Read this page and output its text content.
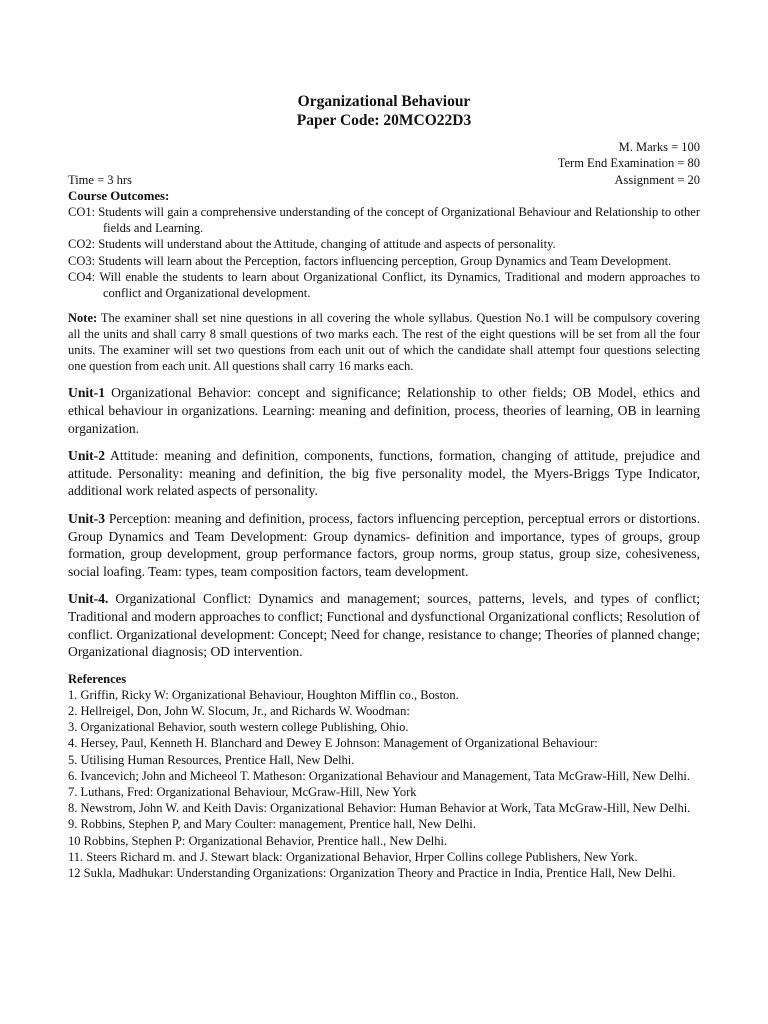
Organizational Behaviour
Paper Code: 20MCO22D3
M. Marks = 100
Term End Examination = 80
Time = 3 hrs	Assignment = 20
Course Outcomes:
CO1: Students will gain a comprehensive understanding of the concept of Organizational Behaviour and Relationship to other fields and Learning.
CO2: Students will understand about the Attitude, changing of attitude and aspects of personality.
CO3: Students will learn about the Perception, factors influencing perception, Group Dynamics and Team Development.
CO4: Will enable the students to learn about Organizational Conflict, its Dynamics, Traditional and modern approaches to conflict and Organizational development.
Note: The examiner shall set nine questions in all covering the whole syllabus. Question No.1 will be compulsory covering all the units and shall carry 8 small questions of two marks each. The rest of the eight questions will be set from all the four units. The examiner will set two questions from each unit out of which the candidate shall attempt four questions selecting one question from each unit. All questions shall carry 16 marks each.
Unit-1 Organizational Behavior: concept and significance; Relationship to other fields; OB Model, ethics and ethical behaviour in organizations. Learning: meaning and definition, process, theories of learning, OB in learning organization.
Unit-2 Attitude: meaning and definition, components, functions, formation, changing of attitude, prejudice and attitude. Personality: meaning and definition, the big five personality model, the Myers-Briggs Type Indicator, additional work related aspects of personality.
Unit-3 Perception: meaning and definition, process, factors influencing perception, perceptual errors or distortions. Group Dynamics and Team Development: Group dynamics- definition and importance, types of groups, group formation, group development, group performance factors, group norms, group status, group size, cohesiveness, social loafing. Team: types, team composition factors, team development.
Unit-4. Organizational Conflict: Dynamics and management; sources, patterns, levels, and types of conflict; Traditional and modern approaches to conflict; Functional and dysfunctional Organizational conflicts; Resolution of conflict. Organizational development: Concept; Need for change, resistance to change; Theories of planned change; Organizational diagnosis; OD intervention.
References
1. Griffin, Ricky W: Organizational Behaviour, Houghton Mifflin co., Boston.
2. Hellreigel, Don, John W. Slocum, Jr., and Richards W. Woodman:
3. Organizational Behavior, south western college Publishing, Ohio.
4. Hersey, Paul, Kenneth H. Blanchard and Dewey E Johnson: Management of Organizational Behaviour:
5. Utilising Human Resources, Prentice Hall, New Delhi.
6. Ivancevich; John and Micheeol T. Matheson: Organizational Behaviour and Management, Tata McGraw-Hill, New Delhi.
7. Luthans, Fred: Organizational Behaviour, McGraw-Hill, New York
8. Newstrom, John W. and Keith Davis: Organizational Behavior: Human Behavior at Work, Tata McGraw-Hill, New Delhi.
9. Robbins, Stephen P, and Mary Coulter: management, Prentice hall, New Delhi.
10 Robbins, Stephen P: Organizational Behavior, Prentice hall., New Delhi.
11. Steers Richard m. and J. Stewart black: Organizational Behavior, Hrper Collins college Publishers, New York.
12 Sukla, Madhukar: Understanding Organizations: Organization Theory and Practice in India, Prentice Hall, New Delhi.
